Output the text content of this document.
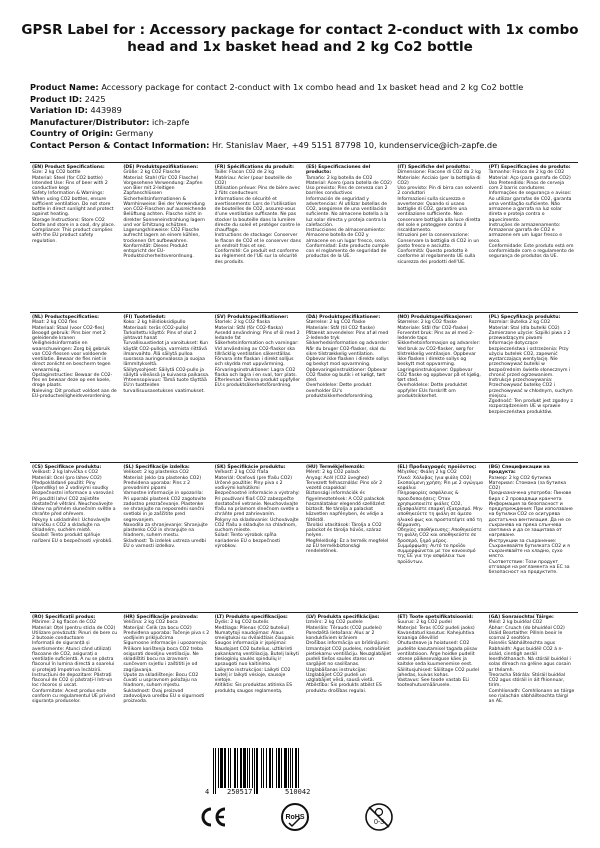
GPSR Label for : Accessory package for contact 2-conduct with 1x combo head and 1x basket head and 2 kg Co2 bottle
Product Name: Accessory package for contact 2-conduct with 1x combo head and 1x basket head and 2 kg Co2 bottle
Product ID: 2425
Variation ID: 443989
Manufacturer/Distributor: ich-zapfe
Country of Origin: Germany
Contact Person & Contact Information: Hr. Stanislav Maer, +49 5151 87798 10, kundenservice@ich-zapfe.de

(EN) Product Specifications:

Size: 2 kg CO2 bottle

Material: Steel (for CO2 bottle)

Intended Use: Fins of beer with 2 conductive kegs

Safety Information & Warnings: When using CO2 bottles, ensure sufficient ventilation. Do not store bottle in direct sunlight and protect against heating.

Storage Instructions: Store CO2 bottle and store in a cool, dry place.

Compliance: This product complies with the EU product safety regulation.

(DE) Produktspezifikationen:

Größe: 2 kg CO2 Flasche

Material: Stahl (für CO2 Flasche)

Vorgesehene Verwendung: Zapfen von Bier mit 2-leitigen Zapfanschlüssen

Sicherheitsinformationen & Warnhinweise: Bei der Verwendung von CO2-Flaschen auf ausreichende Belüftung achten. Flasche nicht in direkter Sonneneinstrahlung lagern und vor Erhitzung schützen.

Lagerungshinweise: CO2 Flasche aufrecht lagern an einem kühlen, trockenen Ort aufbewahren.

Konformität: Dieses Produkt entspricht der EU-Produktsicherheitsverordnung.

(FR) Spécifications du produit:

Taille: Flacon CO2 de 2 kg

Matériau: Acier (pour bouteille de CO2)

Utilisation prévue: Pins de bière avec 2 fûts conducteurs

Informations de sécurité et avertissements: Lors de l'utilisation de bouteilles de CO2, assurez-vous d'une ventilation suffisante. Ne pas stocker la bouteille dans la lumière directe du soleil et protéger contre le chauffage.

Instructions de stockage: Conserver le flacon de CO2 et le conserver dans un endroit frais et sec.

Conformité: Ce produit est conforme au règlement de l'UE sur la sécurité des produits.

(ES) Especificaciones del producto:

Tamaño: 2 kg botella de CO2

Material: Acero (para botella de CO2)

Uso previsto: Pins de cerveza con 2 barriles conductivos

Información de seguridad y advertencias: Al utilizar botellas de CO2, asegúrese de una ventilación suficiente. No almacene botella a la luz solar directa y proteja contra la calefacción.

Instrucciones de almacenamiento: Almacene botella de CO2 y almacene en un lugar fresco, seco.

Conformidad: Este producto cumple con el reglamento de seguridad de productos de la UE.

(IT) Specifiche del prodotto:

Dimensione: Flacone di CO2 da 2 kg

Materiale: Acciaio (per la bottiglia di CO2)

Uso previsto: Pin di birra con solventi 2 conduttori

Informazioni sulla sicurezza e avvertenze: Quando si usano bottiglie di CO2, garantire una ventilazione sufficiente. Non conservare bottiglia alla luce diretta del sole e proteggere contro il riscaldamento.

Istruzioni per la conservazione: Conservare la bottiglia di CO2 in un posto fresco e asciutto.

Conformità: Questo prodotto è conforme al regolamento UE sulla sicurezza dei prodotti dell'UE.

(PT) Especificações do produto:

Tamanho: Frasco de 2 kg de CO2

Material: Aço (para garrafa de CO2)

Uso Pretendido: Pinos de cerveja com 2 barris condutores

Informações de segurança e avisos: Ao utilizar garrafas de CO2, garanta uma ventilação suficiente. Não armazene a garrafa na luz solar direta e proteja contra o aquecimento.

Instruções de armazenamento: Armazenar garrafa de CO2 e armazene em um lugar fresco e seco.

Conformidade: Este produto está em conformidade com o regulamento de segurança de produtos da UE.

(NL) Productspecificaties:

Maat: 2 kg CO2 fles

Materiaal: Staal (voor CO2-fles)

Beoogd gebruik: Pins bier met 2 geleidende kranen

Veiligheidsinformatie en waarschuwingen: Zorg bij gebruik van CO2-flessen voor voldoende ventilatie. Bewaar de fles niet in direct zonlicht en bescherm tegen verwarming.

Opslaginstructies: Bewaar de CO2-fles en bewaar deze op een koele, droge plaats.

Naleving: Dit product voldoet aan de EU-productveiligheidsverordening.

(FI) Tuotetiedot:

Koko: 2 kg hiilidioksidipullo

Materiaali: teräs (CO2-pullo)

Tarkoitettu käyttö: Pins of olut 2 johtavat hanat

Turvallisuustiedot ja varoitukset: Kun käytät CO2-pulloja, varmista riittävä ilmanvaihto. Älä säilytä pulloa suorassa auringonvalossa ja suojaa lämmitykseltä.

Säilytysohjeet: Säilytä CO2-pullo ja säilytä viileässä ja kuivassa paikassa.

Yhteensopivuus: Tämä tuote täyttää EU:n tuotteiden turvallisuusasetuksen vaatimukset.

(SV) Produktspecifikationer:

Storlek: 2 kg CO2 flaska

Material: Stål (för CO2-flaska)

Avsedd användning: Pins of öl med 2 ledande fat

Säkerhetsinformation och varningar: Vid användning av CO2-flaskor ska tillräcklig ventilation säkerställas. Förvara inte flaskan i direkt solljus och skydda mot uppvärmning.

Förvaringsinstruktioner: Lagra CO2 flaska och lagra i en sval, torr plats.

Efterlevnad: Denna produkt uppfyller EU:s produktsäkerhetsförordning.

(DA) Produktspecifikationer:

Størrelse: 2 kg CO2 flaske

Materiale: Stål (til CO2 flaske)

Påtænkt anvendelse: Pins af øl med 2-ledende tryk

Sikkerhedsinformation og advarsler: Når du bruger CO2-flasker, skal du sikre tilstrækkelig ventilation. Opbevar ikke flasken i direkte sollys og beskyt mod opvarmning.

Opbevaringsinstruktioner: Opbevar CO2 flaske og butik i et køligt, tørt sted.

Overholdelse: Dette produkt overholder EU's produktsikkerhedsforordning.

(NO) Produktspesifikasjoner:

Størrelse: 2 kg CO2 flaske

Materiale: Stål (for CO2-flaske)

Forventet bruk: Pins av øl med 2-ledende taps

Sikkerhetsinformasjon og advarsler: Ved bruk av CO2-flasker, sørg for tilstrekkelig ventilasjon. Oppbevar ikke flasken i direkte sollys og beskytt mot oppvarming.

Lagringsinstruksjoner: Oppbevar CO2 flaske og oppbevar på et kjølig, tørt sted.

Overholdelse: Dette produktet oppfyller EUs forskrift om produktsikkerhet.

(PL) Specyfikacja produktu:

Rozmiar: Butelka 2 kg CO2

Materiał: Stal (dla butelki CO2)

Zamierzone użycie: Szpilki piwa z 2 przewodzącymi piwami

Informacje dotyczące bezpieczeństwa i ostrzeżenia: Przy użyciu butelek CO2, zapewnić wystarczającą wentylację. Nie przechowywać butelki w bezpośrednim świetle słonecznym i chronić przed ogrzewaniem.

Instrukcje przechowywania: Przechowywać butelkę CO2 i przechowywać w chłodnym, suchym miejscu.

Zgodność: Ten produkt jest zgodny z rozporządzeniem UE w sprawie bezpieczeństwa produktów.

(CS) Specifikace produktu:

Velikost: 2 kg lahvička s CO2

Materiál: Ocel (pro láhev CO2)

Předpokládané použití: Piny (špendlíky) se 2 vodivými soudky

Bezpečnostní informace a varování: Při použití lahví CO2 zajistěte dostatečné větrání. Neuchovávejte láhev na přímém slunečním světle a chraňte před ohřevem.

Pokyny k uskladnění: Uchovávejte lahvičku s CO2 a skladujte na chladném, suchém místě.

Soulad: Tento produkt splňuje nařízení EU o bezpečnosti výrobků.

(SL) Specifikacije izdelka:

Velikost: 2 kg plastenka CO2

Material: Jeklo (za plastenko CO2)

Predvidena uporaba: Pins z 2 prevodnimi pipami

Varnostne informacije in opozorila: Pri uporabi plastenk CO2 zagotovite zadostno prezračevanje. Plastenke ne shranjujte na neposredni sončni svetlobi in jo zaščitite pred segrevanjem.

Navodila za shranjevanje: Shranjujte plastenko CO2 in shranjujte na hladnem, suhem mestu.

Skladnost: Ta izdelek ustreza uredbi EU o varnosti izdelkov.

(SK) Špecifikácie produktu:

Veľkosť: 2 kg CO2 fľaša

Materiál: Oceľová (pre fľašu CO2)

Určené použitie: Piny piva s 2 vodivými kohútikmi

Bezpečnostné informácie a výstrahy: Pri používaní fliaš CO2 zabezpečte dostatočné vetranie. Neuchovávajte fľašu na priamom slnečnom svetle a chráňte pred zahrievaním.

Pokyny na skladovanie: Uchovávajte CO2 fľašu a skladujte na chladnom, suchom mieste.

Súlad: Tento výrobok spĺňa nariadenie EÚ o bezpečnosti výrobkov.

(HU) Termékjellemzők:

Méret: 2 kg CO2 palack

Anyag: Acél (CO2 üveghez)

Tervezett felhasználás: Pins sör 2 vezető csapokkal

Biztonsági információk és figyelmeztetések: A CO2 palackok használatakor elegendő szellőzést biztosít. Ne tárolja a palackot közvetlen napfényben, és védje a fűtéstől.

Tárolási utasítások: Tárolja a CO2 palackot és tárolja hűvös, száraz helyen.

Megfelelőség: Ez a termék megfelel az EU termékbiztonsági rendeletének.

(EL) Προδιαγραφές προϊόντος:

Μέγεθος: Φιάλη 2 kg CO2

Υλικό: Χάλυβας (για φιάλη CO2)

Σκοπούμενη χρήση: Pin με 2 αγώγιμα κεφάλια

Πληροφορίες ασφάλειας & προειδοποιήσεις: Όταν χρησιμοποιείτε φιάλες CO2, εξασφαλίστε επαρκή εξαερισμό. Μην αποθηκεύετε τη φιάλη σε άμεσο ηλιακό φως και προστατέψτε από τη θέρμανση.

Οδηγίες αποθήκευσης: Αποθηκεύστε τη φιάλη CO2 και αποθηκεύστε σε δροσερό, ξηρό μέρος.

Συμμόρφωση: Αυτό το προϊόν συμμορφώνεται με τον κανονισμό της ΕΕ για την ασφάλεια των προϊόντων.

(BG) Спецификации на продукта:

Размер: 2 kg CO2 бутилка

Материал: Стомана (за бутилка CO2)

Предназначена употреба: Пинове бира с 2 проводящи кранчета

Информация за безопасност и предупреждения: При използване на бутилки CO2 се осигурява достатъчна вентилация. Да не се съхранява на пряка слънчева светлина и да се защитава от нагряване.

Инструкции за съхранение: Съхранявайте бутилката CO2 и я съхранявайте на хладно, сухо място.

Съответствие: Този продукт отговаря на регламента на ЕС за безопасност на продуктите.

(RO) Specificații produs:

Mărime: 2 kg flacon de CO2

Material: Oțel (pentru sticla de CO2)

Utilizare prevăzută: Pinuri de bere cu 2 butoaie conductoare

Informații de siguranță și avertismente: Atunci când utilizați flacoane de CO2, asigurați o ventilație suficientă. A nu se păstra flaconul în lumina directă a soarelui și protejați împotriva încălzirii.

Instrucțiuni de depozitare: Păstrați flaconul de CO2 și păstrați-l într-un loc răcoros și uscat.

Conformitate: Acest produs este conform cu regulamentul UE privind siguranța produselor.

(HR) Specifikacije proizvoda:

Veličina: 2 kg CO2 boca

Materijal: Čelik (za bocu CO2)

Predviđena uporaba: Točenje piva s 2 vodljivim priključcima

Sigurnosne informacije i upozorenja: Prilikom korištenja boca CO2 treba osigurati dovoljnu ventilaciju. Ne skladištiti bocu na izravnom sunčevom svjetlu i zaštititi je od zagrijavanja.

Upute za skladištenje: Bocu CO2 čuvati u uspravnom položaju na hladnom, suhom mjestu.

Sukladnost: Ovaj proizvod zadovoljava uredbu EU o sigurnosti proizvoda.

(LT) Produkto specifikacijos:

Dydis: 2 kg CO2 butelis

Medžiaga: Plienas (CO2 buteliui)

Numatytoji naudojimas: Alaus smeigtukai su dvilaidžiais čiaupais

Saugos informacija ir įspėjimai: Naudojant CO2 butelius, užtikrinti pakankamą ventiliaciją. Butelį laikyti tiesioginių saulės spindulių ir apsaugoti nuo kaitinimo.

Laikymo instrukcijos: Laikyti CO2 butelį ir laikyti vėsioje, sausoje vietoje.

Atitiktis: Šis produktas atitinka ES produktų saugos reglamentą.

(LV) Produkta specifikācijas:

Izmērs: 2 kg CO2 pudele

Materiāls: Tērauds (CO2 pudelei)

Paredzētā lietošana: Alus ar 2 konduktīviem krāniem

Drošības informācija un brīdinājumi: Izmantojot CO2 pudeles, nodrošiniet pietiekamu ventilāciju. Neuzglabājiet pudeli tiešos saules staros un sargājiet no sasilšanas.

Uzglabāšanas instrukcijas: Uzglabājiet CO2 pudeli un uzglabājiet vēsā, sausā vietā.

Atbilstība: Šis produkts atbilst ES produktu drošības regulai.

(ET) Toote spetsifikatsioonid:

Suurus: 2 kg CO2 pudel

Materjal: Teras (CO2 pudeli jaoks)

Kavandatud kasutus: Kahejuhtiva kraaniga õllevillid

Ohutusteave ja hoiatused: CO2 pudelite kasutamisel tagada piisav ventilatsioon. Ärge hoidke pudelit otsese päikesevalguse käes ja kaitske seda kuumenemise eest.

Säilitusjuhised: Säilitage CO2 pudel jahedas, kuivas kohas.

Vastavus: See toode vastab ELi tooteohutusmäärusele.

(GA) Sonraíochtaí Táirge:

Méid: 2 kg buidéal CO2

Ábhar: Cruach (do bhuidéal CO2)

Úsáid Beartaithe: Pillnín beoir le scornaí 2 seoltóra

Faisnéis Sábháilteachta agus Rabhaidh: Agus buidéil CO2 á n-úsáid, cinntigh aeráil leordhóthanach. Ná stóráil buidéal i solas díreach na gréine agus cosain ar théamh.

Treoracha Stórála: Stóráil buidéal CO2 agus stóráil in áit fhionnuar, tirim.

Comhlíonadh: Comhlíonann an táirge seo rialachán sábháilteachta táirgí an AE.

4	250517	510042
RoHS
0-3
